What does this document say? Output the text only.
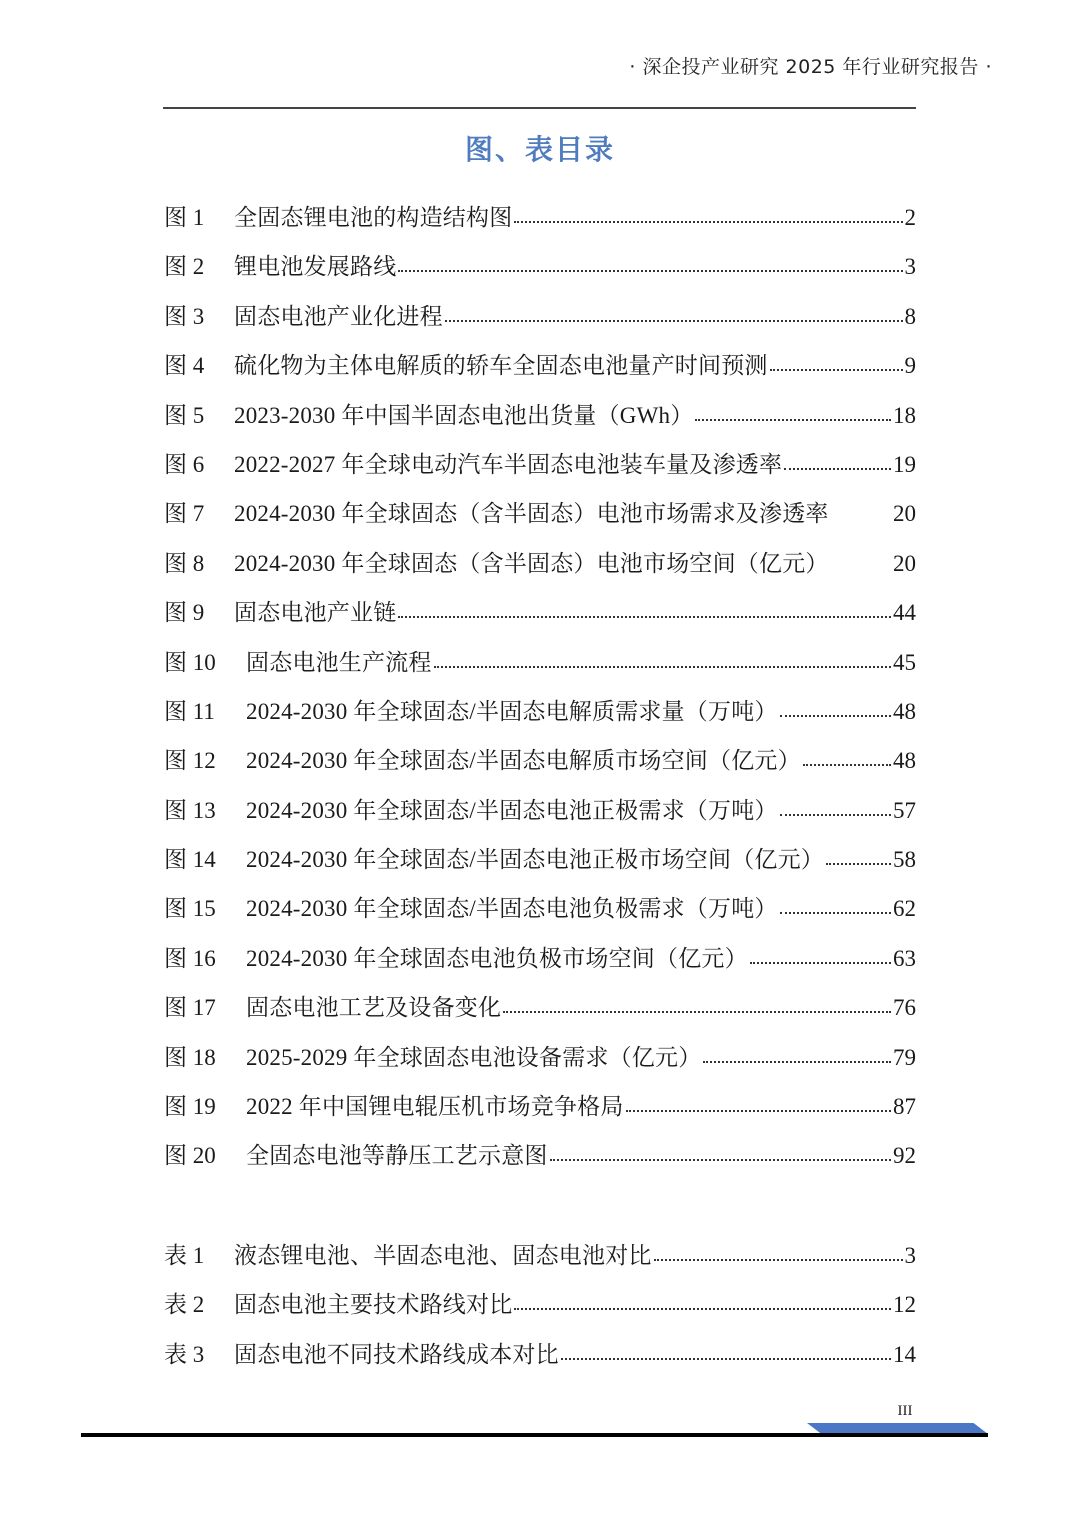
· 深企投产业研究 2025 年行业研究报告 ·
图、表目录
图 1	全固态锂电池的构造结构图	2
图 2	锂电池发展路线	3
图 3	固态电池产业化进程	8
图 4	硫化物为主体电解质的轿车全固态电池量产时间预测	9
图 5	2023-2030 年中国半固态电池出货量（GWh）	18
图 6	2022-2027 年全球电动汽车半固态电池装车量及渗透率	19
图 7	2024-2030 年全球固态（含半固态）电池市场需求及渗透率	20
图 8	2024-2030 年全球固态（含半固态）电池市场空间（亿元）	20
图 9	固态电池产业链	44
图 10	固态电池生产流程	45
图 11	2024-2030 年全球固态/半固态电解质需求量（万吨）	48
图 12	2024-2030 年全球固态/半固态电解质市场空间（亿元）	48
图 13	2024-2030 年全球固态/半固态电池正极需求（万吨）	57
图 14	2024-2030 年全球固态/半固态电池正极市场空间（亿元）	58
图 15	2024-2030 年全球固态/半固态电池负极需求（万吨）	62
图 16	2024-2030 年全球固态电池负极市场空间（亿元）	63
图 17	固态电池工艺及设备变化	76
图 18	2025-2029 年全球固态电池设备需求（亿元）	79
图 19	2022 年中国锂电辊压机市场竞争格局	87
图 20	全固态电池等静压工艺示意图	92
表 1	液态锂电池、半固态电池、固态电池对比	3
表 2	固态电池主要技术路线对比	12
表 3	固态电池不同技术路线成本对比	14
III
